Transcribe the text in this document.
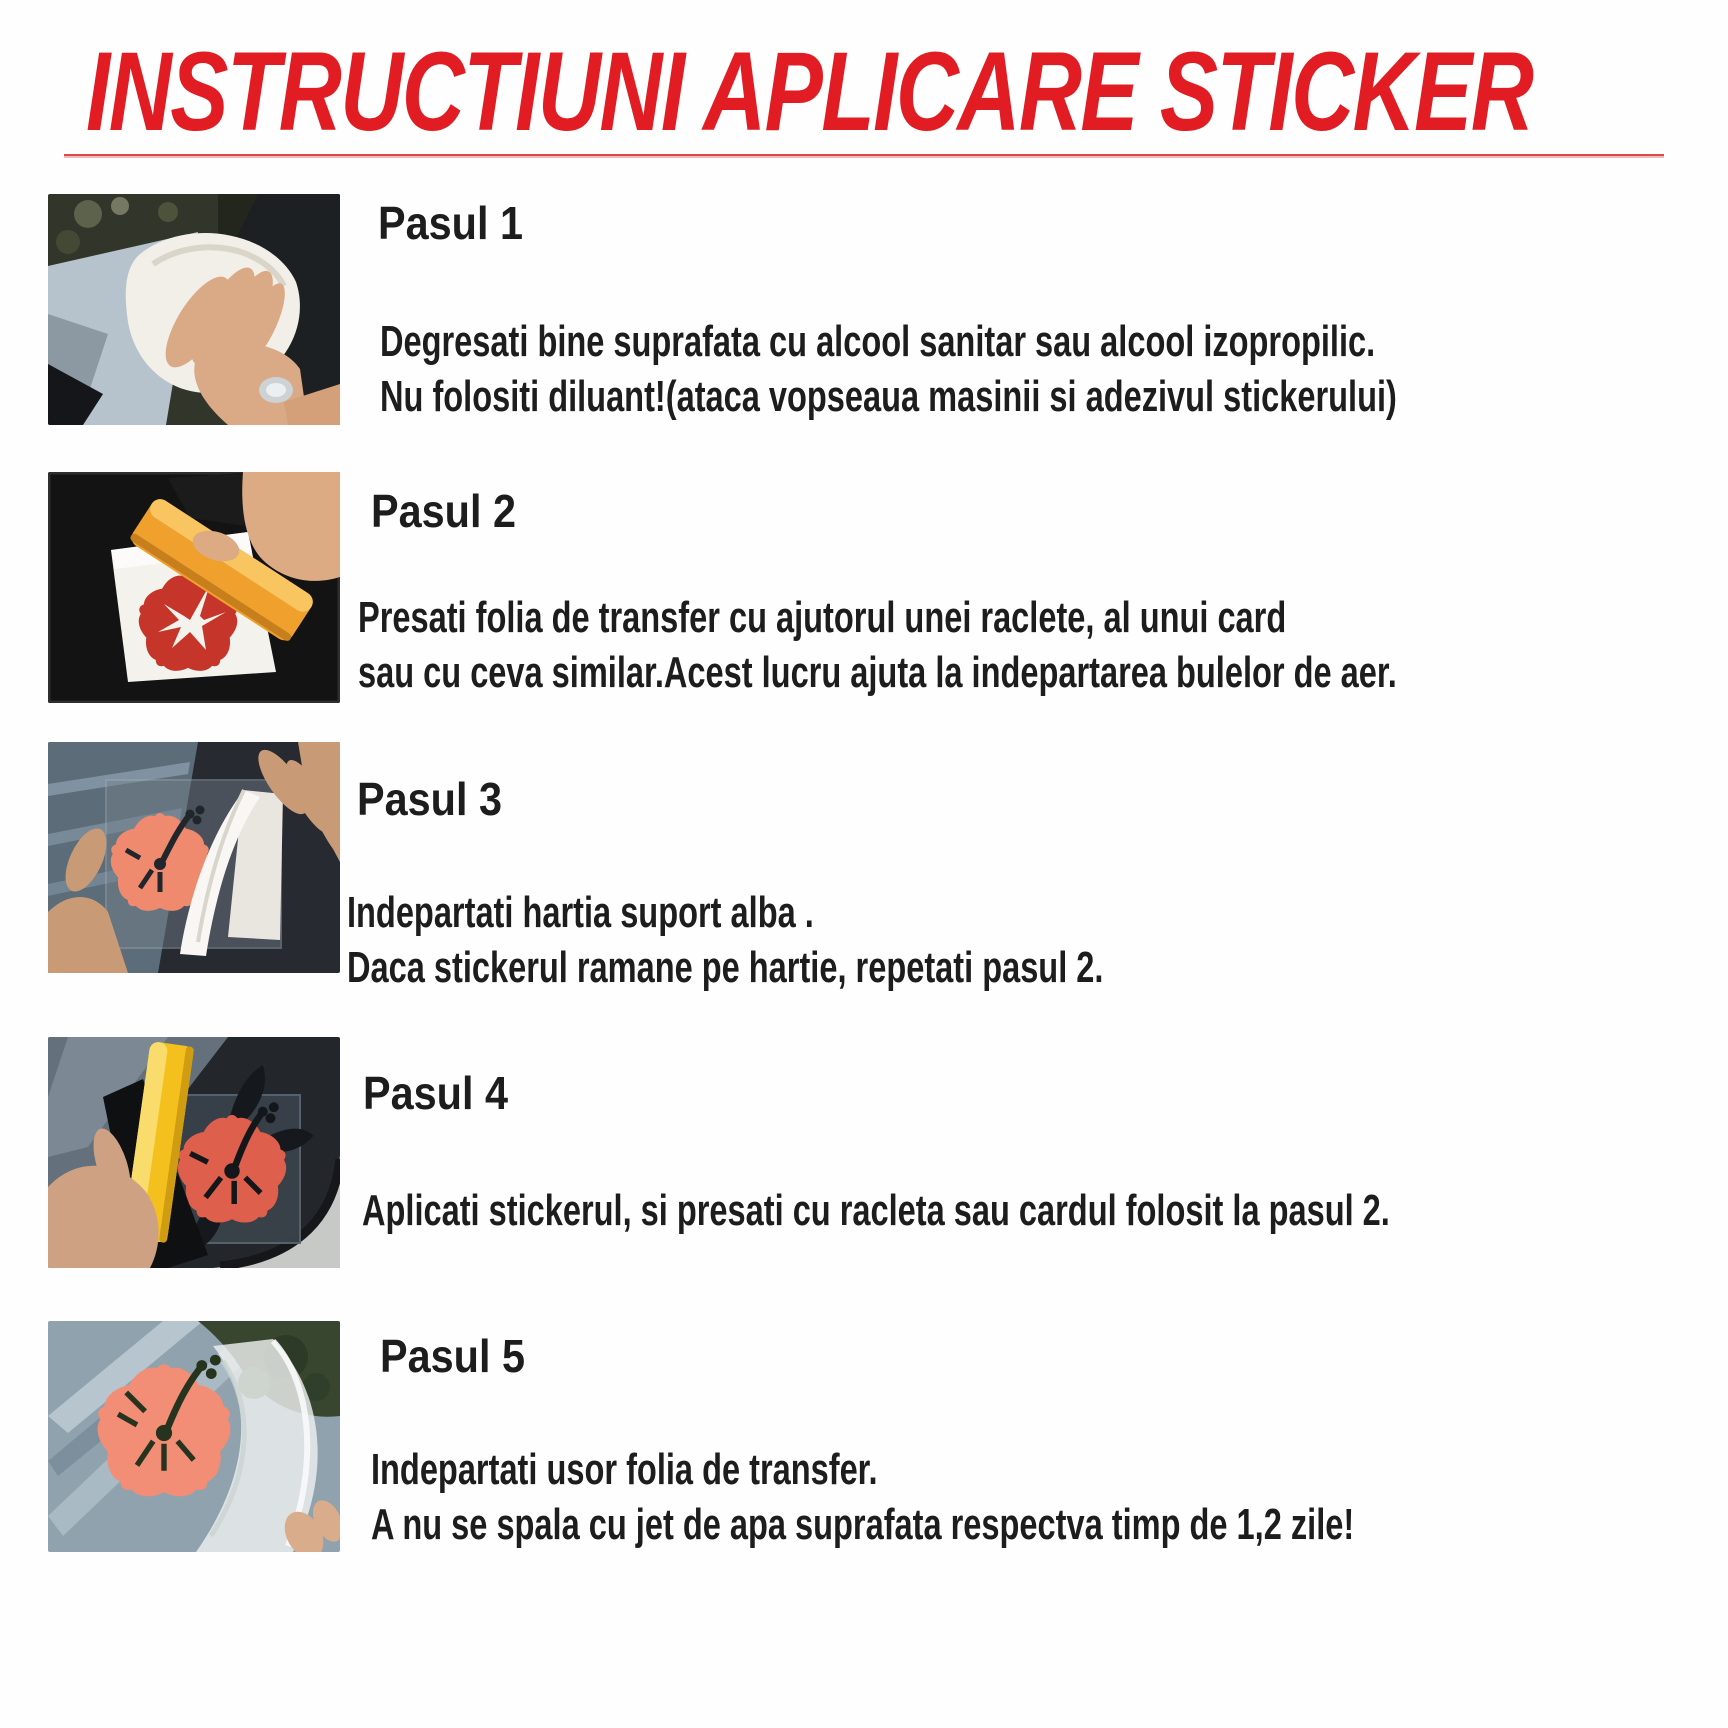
INSTRUCTIUNI APLICARE STICKER
Pasul 1

Degresati bine suprafata cu alcool sanitar sau alcool izopropilic.
Nu folositi diluant!(ataca vopseaua masinii si adezivul stickerului)

Pasul 2

Presati folia de transfer cu ajutorul unei raclete, al unui card
sau cu ceva similar.Acest lucru ajuta la indepartarea bulelor de aer.

Pasul 3

Indepartati hartia suport alba .
Daca stickerul ramane pe hartie, repetati pasul 2.

Pasul 4

Aplicati stickerul, si presati cu racleta sau cardul folosit la pasul 2.

Pasul 5

Indepartati usor folia de transfer.
A nu se spala cu jet de apa suprafata respectva timp de 1,2 zile!
